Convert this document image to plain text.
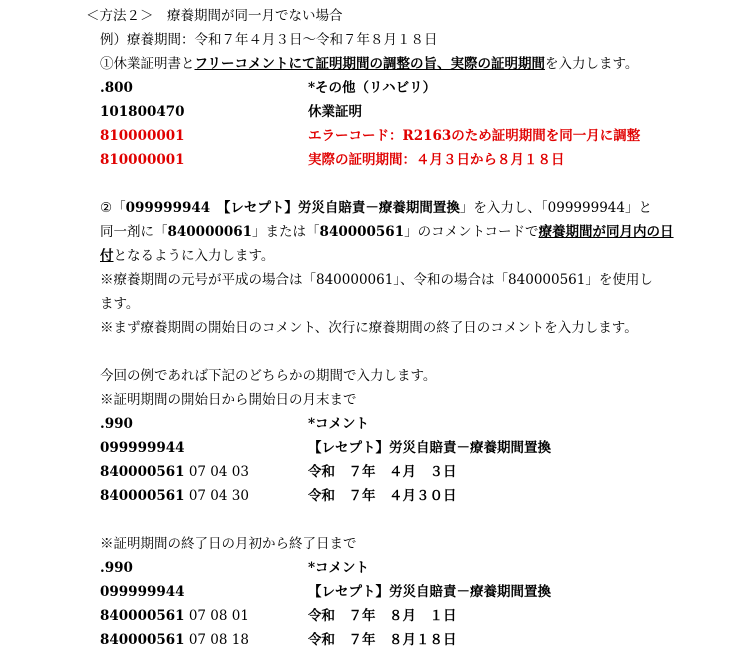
＜方法２＞　療養期間が同一月でない場合
例）療養期間：令和７年４月３日～令和７年８月１８日
①休業証明書とフリーコメントにて証明期間の調整の旨、実際の証明期間を入力します。
.800	*その他（リハビリ）
101800470	休業証明
810000001	エラーコード：R2163のため証明期間を同一月に調整
810000001	実際の証明期間：４月３日から８月１８日
②「099999944　【レセプト】労災自賠責－療養期間置換」を入力し、「099999944」と
同一剤に「840000061」または「840000561」のコメントコードで療養期間が同月内の日
付となるように入力します。
※療養期間の元号が平成の場合は「840000061」、令和の場合は「840000561」を使用し
ます。
※まず療養期間の開始日のコメント、次行に療養期間の終了日のコメントを入力します。
今回の例であれば下記のどちらかの期間で入力します。
※証明期間の開始日から開始日の月末まで
.990	*コメント
099999944	【レセプト】労災自賠責－療養期間置換
840000561 07 04 03	令和　７年　４月　３日
840000561 07 04 30	令和　７年　４月３０日
※証明期間の終了日の月初から終了日まで
.990	*コメント
099999944	【レセプト】労災自賠責－療養期間置換
840000561 07 08 01	令和　７年　８月　１日
840000561 07 08 18	令和　７年　８月１８日
